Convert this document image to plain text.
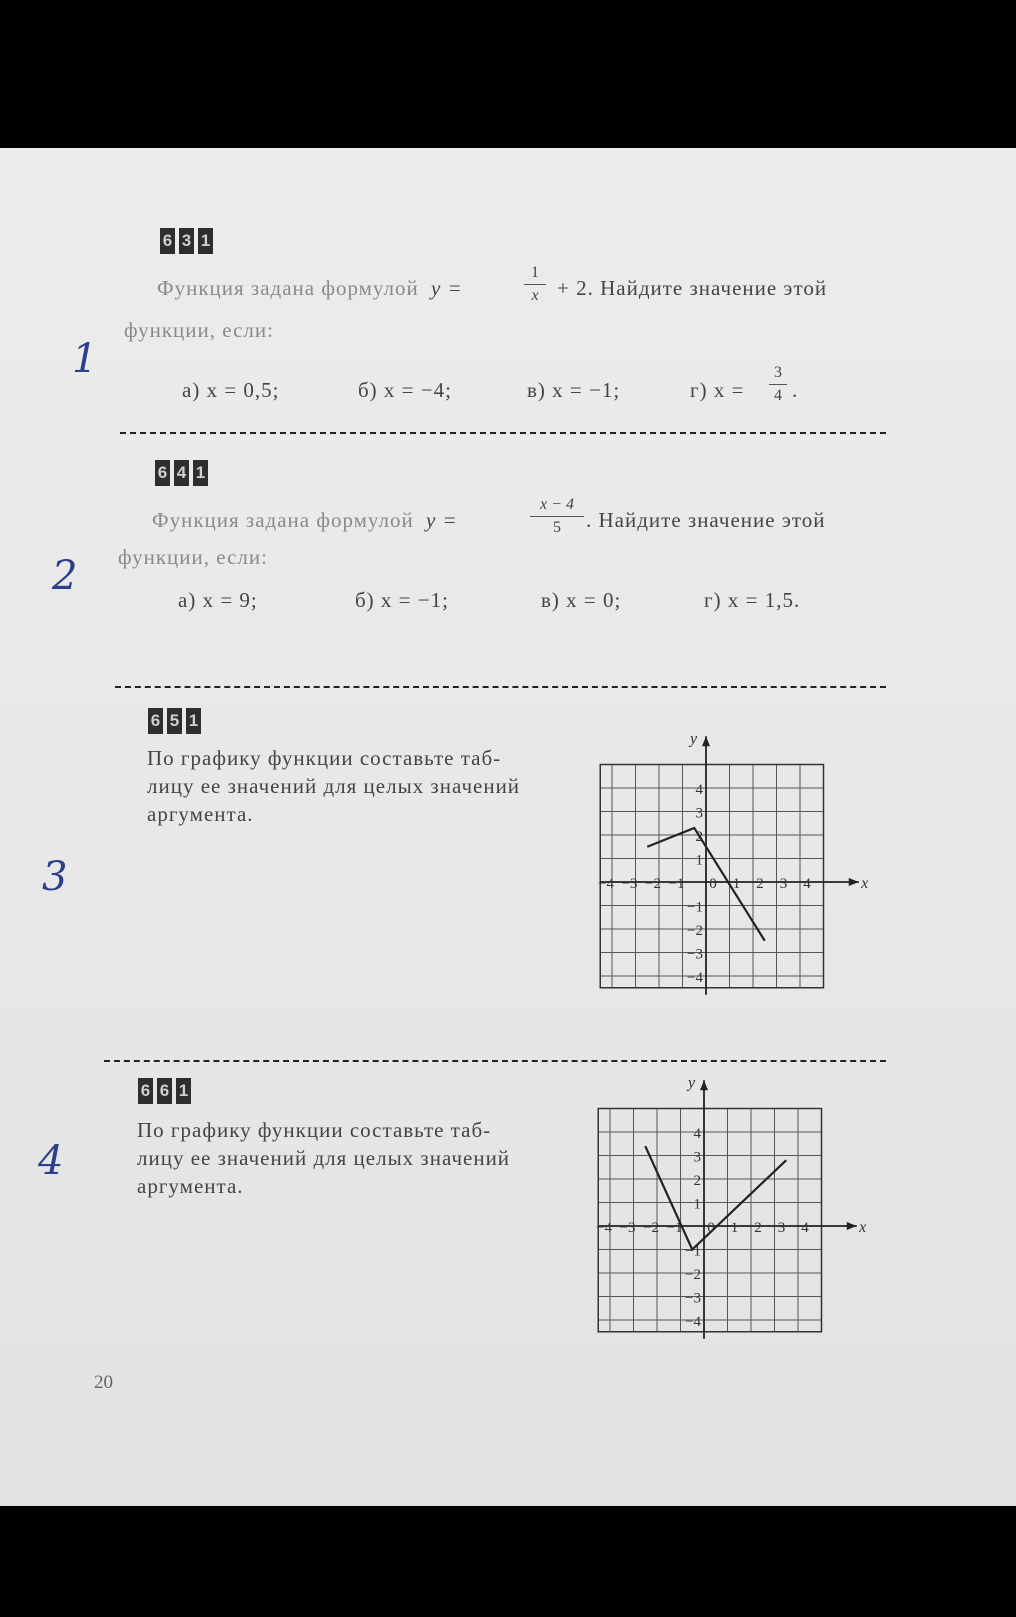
6 3 1
Функция задана формулой y =
1
x + 2. Найдите значение этой
функции, если:
а) x = 0,5;	б) x = −4;	в) x = −1;	г) x =
3
4 .
1
6 4 1
Функция задана формулой y =
x − 4
5	. Найдите значение этой
функции, если:
а) x = 9;	б) x = −1;	в) x = 0;	г) x = 1,5.
2
6 5 1
По графику функции составьте таб-
лицу ее значений для целых значений
аргумента.
x
y
−4 −3 −2 −1 0 1 2 3 4
4
3
2
1
−1
−2
−3
−4
3
6 6 1
По графику функции составьте таб-
лицу ее значений для целых значений
аргумента.
x
y
−4 −3 −2 −1 0 1 2 3 4
4
3
2
1
−1
−2
−3
−4
4
20
